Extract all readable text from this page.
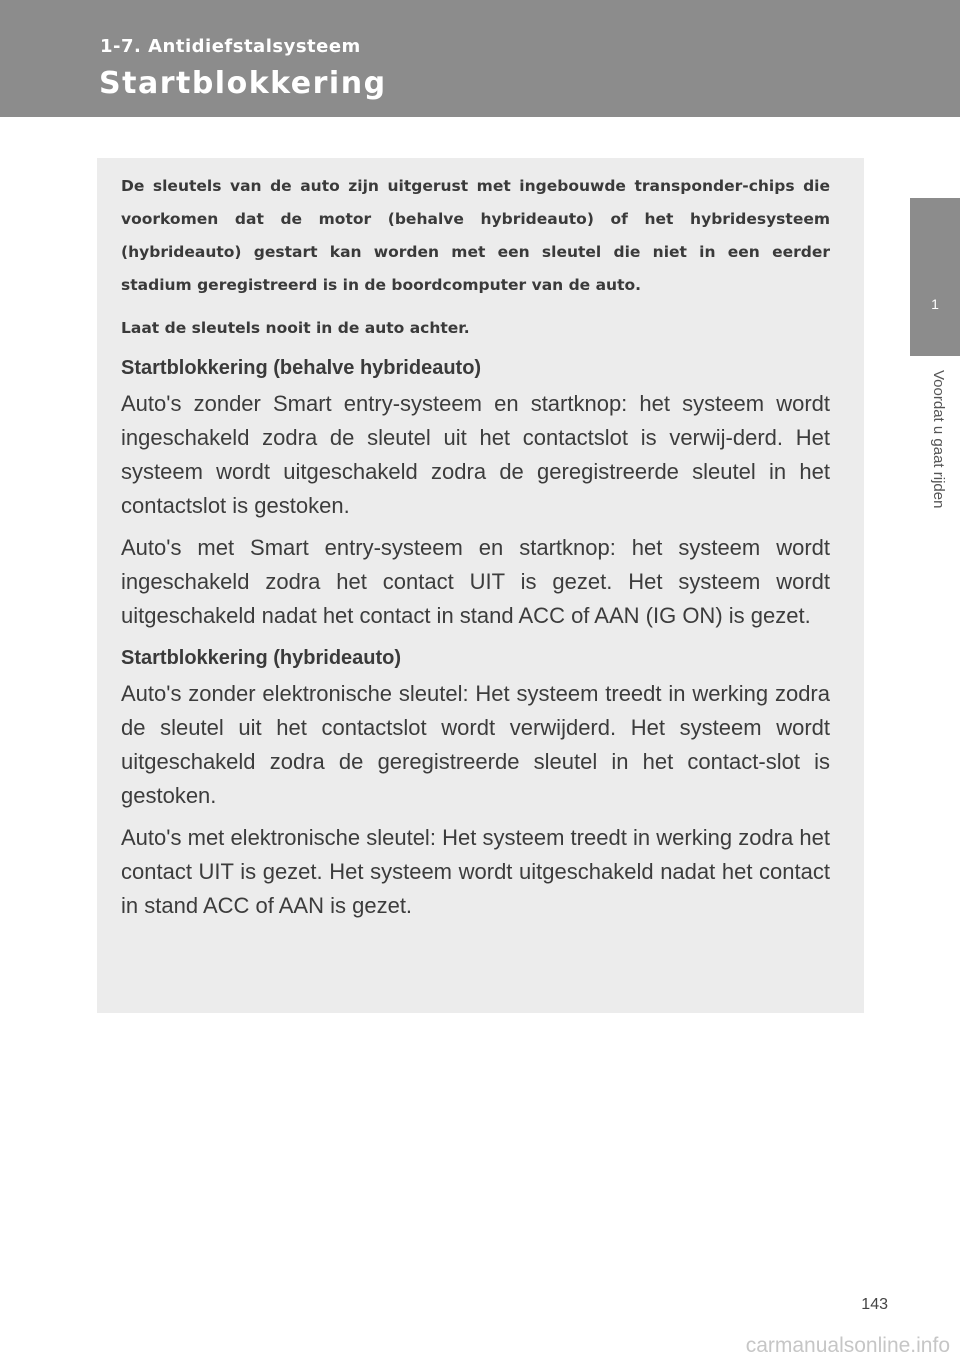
1-7. Antidiefstalsysteem
Startblokkering
1
Voordat u gaat rijden

De sleutels van de auto zijn uitgerust met ingebouwde transponder-chips die voorkomen dat de motor (behalve hybrideauto) of het hybridesysteem (hybrideauto) gestart kan worden met een sleutel die niet in een eerder stadium geregistreerd is in de boordcomputer van de auto.

Laat de sleutels nooit in de auto achter.

Startblokkering (behalve hybrideauto)

Auto's zonder Smart entry-systeem en startknop: het systeem wordt ingeschakeld zodra de sleutel uit het contactslot is verwij-derd. Het systeem wordt uitgeschakeld zodra de geregistreerde sleutel in het contactslot is gestoken.

Auto's met Smart entry-systeem en startknop: het systeem wordt ingeschakeld zodra het contact UIT is gezet. Het systeem wordt uitgeschakeld nadat het contact in stand ACC of AAN (IG ON) is gezet.

Startblokkering (hybrideauto)

Auto's zonder elektronische sleutel: Het systeem treedt in werking zodra de sleutel uit het contactslot wordt verwijderd. Het systeem wordt uitgeschakeld zodra de geregistreerde sleutel in het contact-slot is gestoken.

Auto's met elektronische sleutel: Het systeem treedt in werking zodra het contact UIT is gezet. Het systeem wordt uitgeschakeld nadat het contact in stand ACC of AAN is gezet.

143
carmanualsonline.info
